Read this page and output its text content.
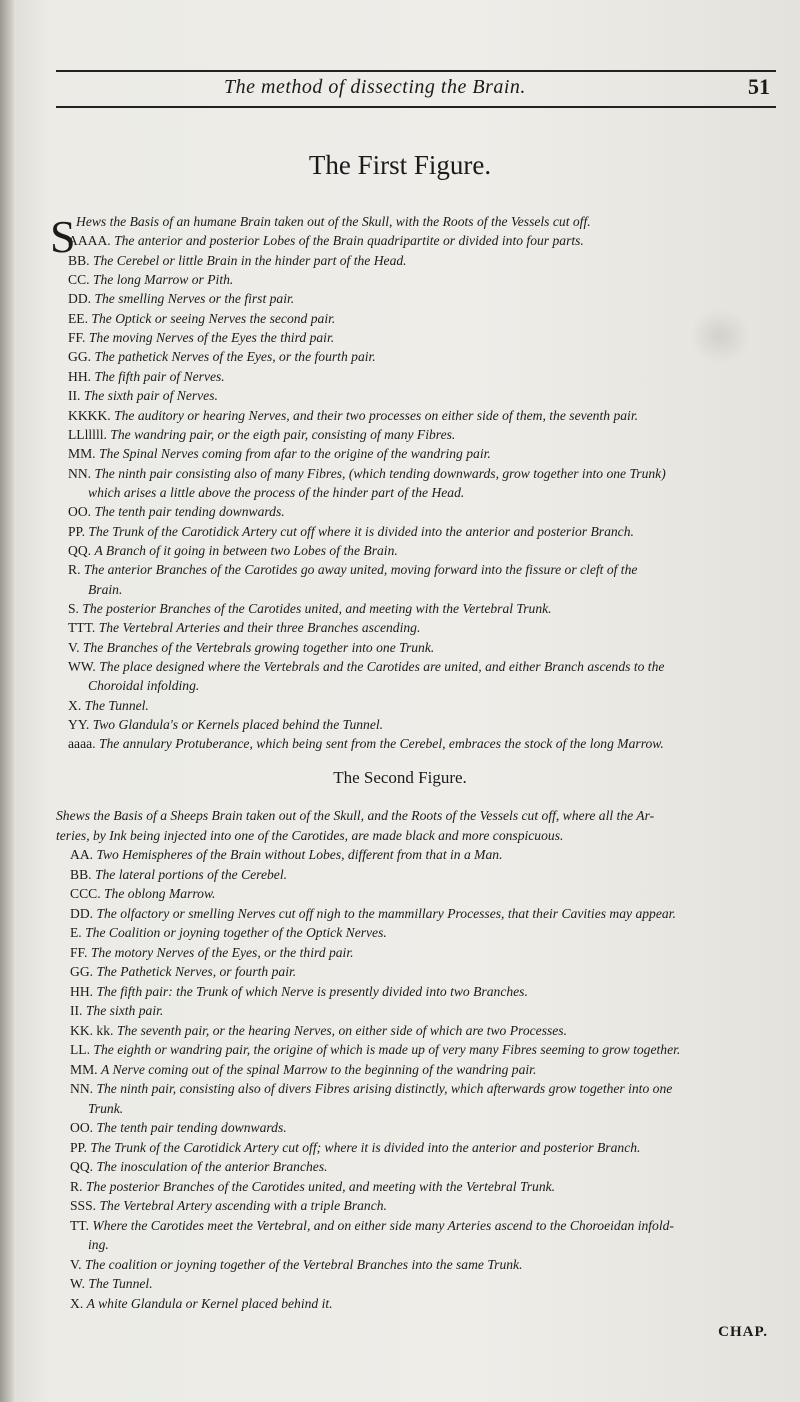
The method of dissecting the Brain.	51
The First Figure.
S Hews the Basis of an humane Brain taken out of the Skull, with the Roots of the Vessels cut off.
AAAA. The anterior and posterior Lobes of the Brain quadripartite or divided into four parts.
BB. The Cerebel or little Brain in the hinder part of the Head.
CC. The long Marrow or Pith.
DD. The smelling Nerves or the first pair.
EE. The Optick or seeing Nerves the second pair.
FF. The moving Nerves of the Eyes the third pair.
GG. The pathetick Nerves of the Eyes, or the fourth pair.
HH. The fifth pair of Nerves.
II. The sixth pair of Nerves.
KKKK. The auditory or hearing Nerves, and their two processes on either side of them, the seventh pair.
LLlllll. The wandring pair, or the eigth pair, consisting of many Fibres.
MM. The Spinal Nerves coming from afar to the origine of the wandring pair.
NN. The ninth pair consisting also of many Fibres, (which tending downwards, grow together into one Trunk)
which arises a little above the process of the hinder part of the Head.
OO. The tenth pair tending downwards.
PP. The Trunk of the Carotidick Artery cut off where it is divided into the anterior and posterior Branch.
QQ. A Branch of it going in between two Lobes of the Brain.
R. The anterior Branches of the Carotides go away united, moving forward into the fissure or cleft of the
Brain.
S. The posterior Branches of the Carotides united, and meeting with the Vertebral Trunk.
TTT. The Vertebral Arteries and their three Branches ascending.
V. The Branches of the Vertebrals growing together into one Trunk.
WW. The place designed where the Vertebrals and the Carotides are united, and either Branch ascends to the
Choroidal infolding.
X. The Tunnel.
YY. Two Glandula's or Kernels placed behind the Tunnel.
aaaa. The annulary Protuberance, which being sent from the Cerebel, embraces the stock of the long Marrow.
The Second Figure.
Shews the Basis of a Sheeps Brain taken out of the Skull, and the Roots of the Vessels cut off, where all the Ar-
teries, by Ink being injected into one of the Carotides, are made black and more conspicuous.
AA. Two Hemispheres of the Brain without Lobes, different from that in a Man.
BB. The lateral portions of the Cerebel.
CCC. The oblong Marrow.
DD. The olfactory or smelling Nerves cut off nigh to the mammillary Processes, that their Cavities may appear.
E. The Coalition or joyning together of the Optick Nerves.
FF. The motory Nerves of the Eyes, or the third pair.
GG. The Pathetick Nerves, or fourth pair.
HH. The fifth pair: the Trunk of which Nerve is presently divided into two Branches.
II. The sixth pair.
KK. kk. The seventh pair, or the hearing Nerves, on either side of which are two Processes.
LL. The eighth or wandring pair, the origine of which is made up of very many Fibres seeming to grow together.
MM. A Nerve coming out of the spinal Marrow to the beginning of the wandring pair.
NN. The ninth pair, consisting also of divers Fibres arising distinctly, which afterwards grow together into one
Trunk.
OO. The tenth pair tending downwards.
PP. The Trunk of the Carotidick Artery cut off; where it is divided into the anterior and posterior Branch.
QQ. The inosculation of the anterior Branches.
R. The posterior Branches of the Carotides united, and meeting with the Vertebral Trunk.
SSS. The Vertebral Artery ascending with a triple Branch.
TT. Where the Carotides meet the Vertebral, and on either side many Arteries ascend to the Choroeidan infold-
ing.
V. The coalition or joyning together of the Vertebral Branches into the same Trunk.
W. The Tunnel.
X. A white Glandula or Kernel placed behind it.
CHAP.
